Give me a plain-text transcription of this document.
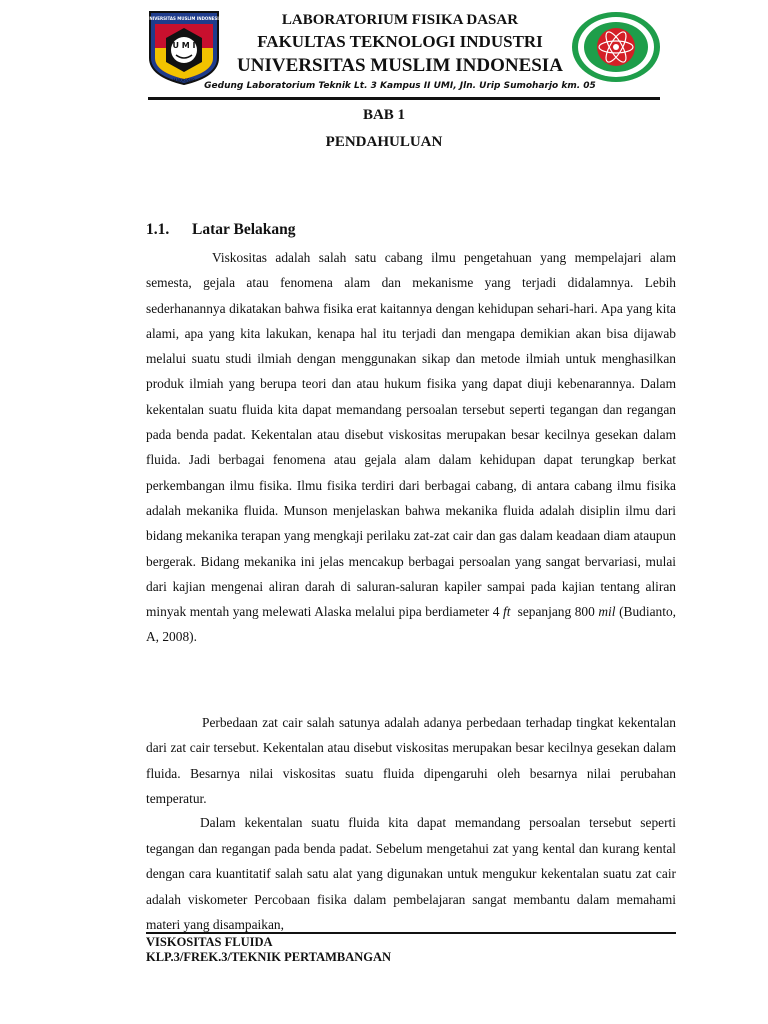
U M I
UNIVERSITAS MUSLIM INDONESIA
MAKASSAR
LABORATORIUM FISIKA DASAR
FAKULTAS TEKNOLOGI INDUSTRI
UNIVERSITAS MUSLIM INDONESIA
Gedung Laboratorium Teknik Lt. 3 Kampus II UMI, Jln. Urip Sumoharjo km. 05
BAB 1
PENDAHULUAN
1.1. Latar Belakang

Viskositas adalah salah satu cabang ilmu pengetahuan yang mempelajari alam semesta, gejala atau fenomena alam dan mekanisme yang terjadi didalamnya. Lebih sederhanannya dikatakan bahwa fisika erat kaitannya dengan kehidupan sehari-hari. Apa yang kita alami, apa yang kita lakukan, kenapa hal itu terjadi dan mengapa demikian akan bisa dijawab melalui suatu studi ilmiah dengan menggunakan sikap dan metode ilmiah untuk menghasilkan produk ilmiah yang berupa teori dan atau hukum fisika yang dapat diuji kebenarannya. Dalam kekentalan suatu fluida kita dapat memandang persoalan tersebut seperti tegangan dan regangan pada benda padat. Kekentalan atau disebut viskositas merupakan besar kecilnya gesekan dalam fluida. Jadi berbagai fenomena atau gejala alam dalam kehidupan dapat terungkap berkat perkembangan ilmu fisika. Ilmu fisika terdiri dari berbagai cabang, di antara cabang ilmu fisika adalah mekanika fluida. Munson menjelaskan bahwa mekanika fluida adalah disiplin ilmu dari bidang mekanika terapan yang mengkaji perilaku zat-zat cair dan gas dalam keadaan diam ataupun bergerak. Bidang mekanika ini jelas mencakup berbagai persoalan yang sangat bervariasi, mulai dari kajian mengenai aliran darah di saluran-saluran kapiler sampai pada kajian tentang aliran minyak mentah yang melewati Alaska melalui pipa berdiameter 4 ft  sepanjang 800 mil (Budianto, A, 2008).

Perbedaan zat cair salah satunya adalah adanya perbedaan terhadap tingkat kekentalan dari zat cair tersebut. Kekentalan atau disebut viskositas merupakan besar kecilnya gesekan dalam fluida. Besarnya nilai viskositas suatu fluida dipengaruhi oleh besarnya nilai perubahan temperatur.

Dalam kekentalan suatu fluida kita dapat memandang persoalan tersebut seperti tegangan dan regangan pada benda padat. Sebelum mengetahui zat yang kental dan kurang kental dengan cara kuantitatif salah satu alat yang digunakan untuk mengukur kekentalan suatu zat cair adalah viskometer Percobaan fisika dalam pembelajaran sangat membantu dalam memahami materi yang disampaikan,

VISKOSITAS FLUIDA
KLP.3/FREK.3/TEKNIK PERTAMBANGAN
